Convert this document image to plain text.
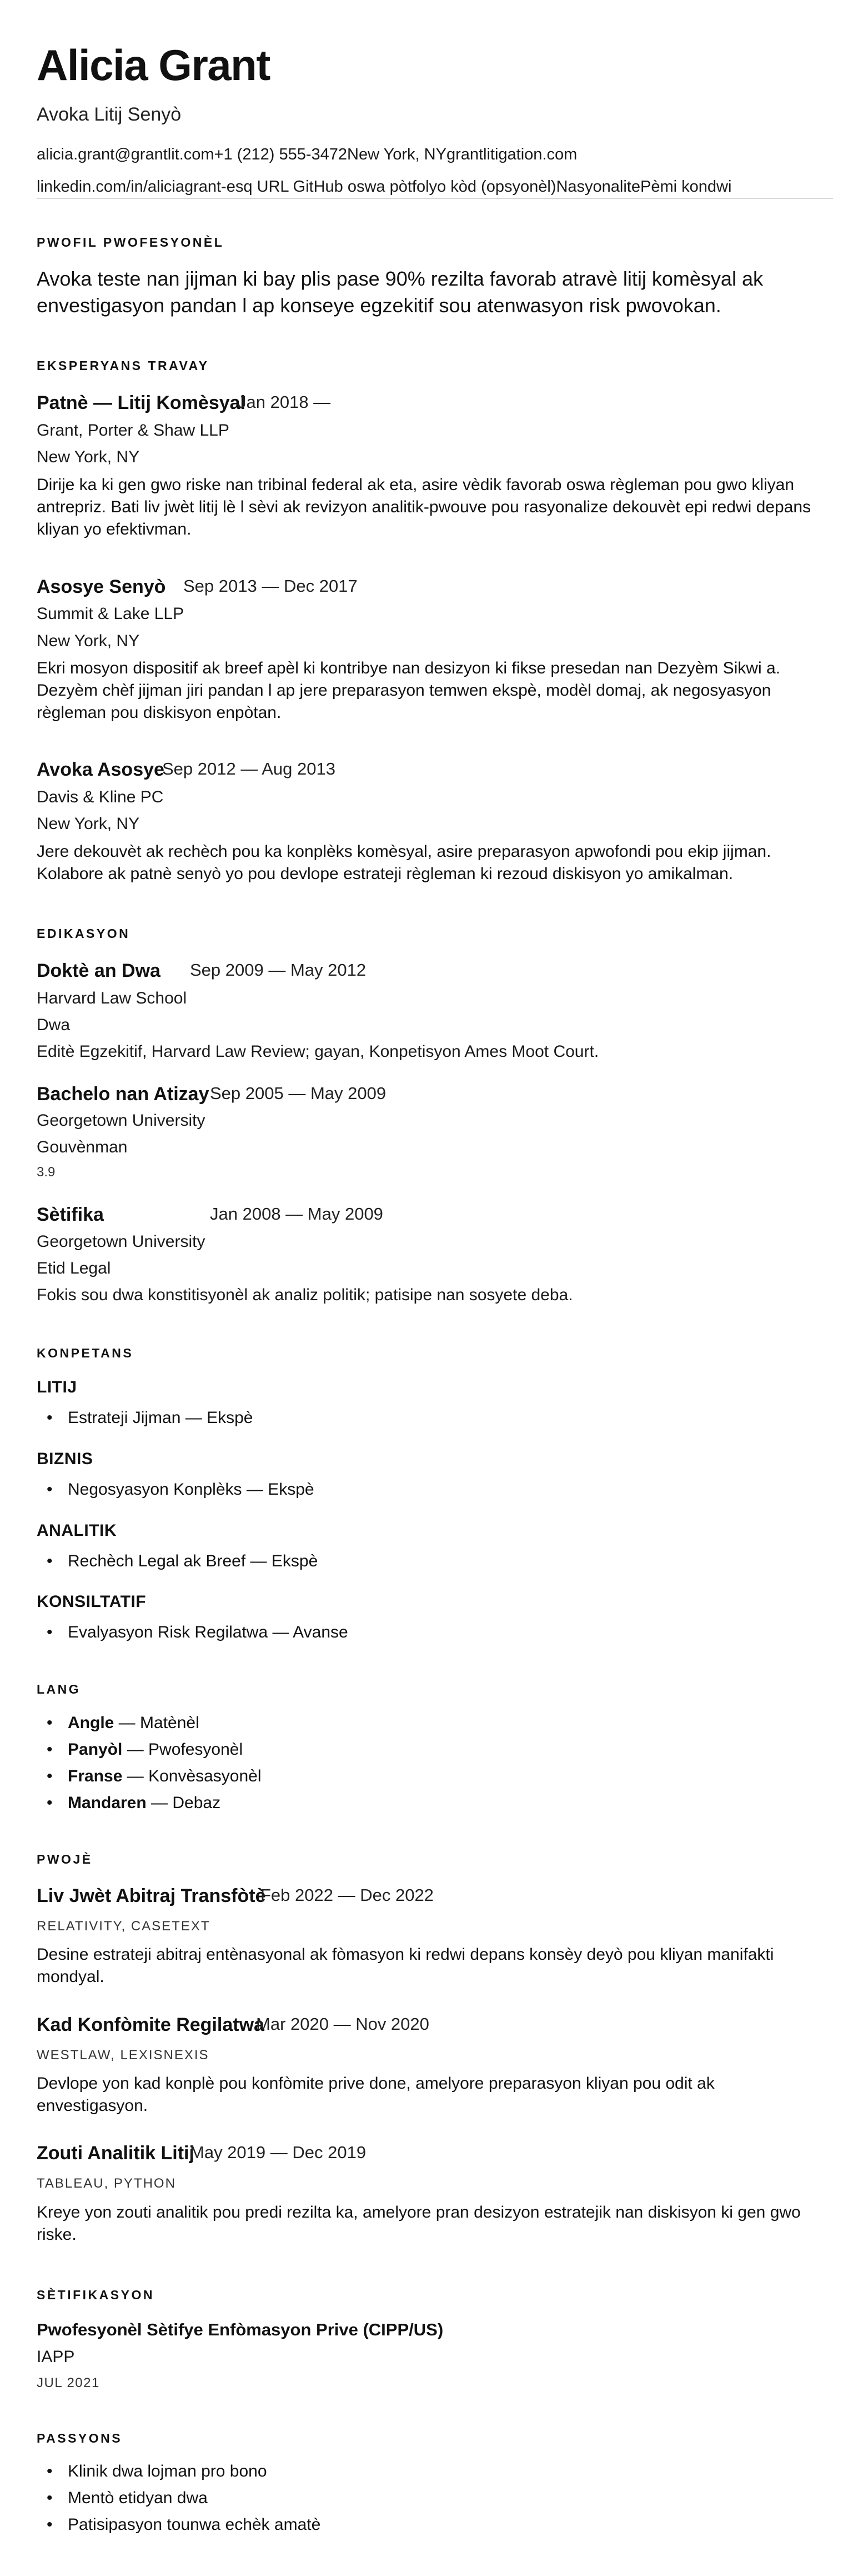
Alicia Grant
Avoka Litij Senyò
alicia.grant@grantlit.com+1 (212) 555-3472New York, NYgrantlitigation.com
linkedin.com/in/aliciagrant-esq URL GitHub oswa pòtfolyo kòd (opsyonèl)NasyonalitePèmi kondwi
PWOFIL PWOFESYONÈL

Avoka teste nan jijman ki bay plis pase 90% rezilta favorab atravè litij komèsyal ak envestigasyon pandan l ap konseye egzekitif sou atenwasyon risk pwovokan.

EKSPERYANS TRAVAY
Patnè — Litij Komèsyal
Jan 2018 —
Grant, Porter & Shaw LLP
New York, NY

Dirije ka ki gen gwo riske nan tribinal federal ak eta, asire vèdik favorab oswa règleman pou gwo kliyan antrepriz. Bati liv jwèt litij lè l sèvi ak revizyon analitik-pwouve pou rasyonalize dekouvèt epi redwi depans kliyan yo efektivman.

Asosye Senyò Sep 2013 — Dec 2017
Summit & Lake LLP
New York, NY

Ekri mosyon dispositif ak breef apèl ki kontribye nan desizyon ki fikse presedan nan Dezyèm Sikwi a. Dezyèm chèf jijman jiri pandan l ap jere preparasyon temwen ekspè, modèl domaj, ak negosyasyon règleman pou diskisyon enpòtan.

Avoka Asosye
Sep 2012 — Aug 2013
Davis & Kline PC
New York, NY

Jere dekouvèt ak rechèch pou ka konplèks komèsyal, asire preparasyon apwofondi pou ekip jijman. Kolabore ak patnè senyò yo pou devlope estrateji règleman ki rezoud diskisyon yo amikalman.

EDIKASYON
Doktè an Dwa Sep 2009 — May 2012
Harvard Law School
Dwa
Editè Egzekitif, Harvard Law Review; gayan, Konpetisyon Ames Moot Court.
Bachelo nan Atizay Sep 2005 — May 2009
Georgetown University
Gouvènman
3.9
Sètifika	Jan 2008 — May 2009
Georgetown University
Etid Legal
Fokis sou dwa konstitisyonèl ak analiz politik; patisipe nan sosyete deba.
KONPETANS
LITIJ
• Estrateji Jijman — Ekspè
BIZNIS
• Negosyasyon Konplèks — Ekspè
ANALITIK
• Rechèch Legal ak Breef — Ekspè
KONSILTATIF
• Evalyasyon Risk Regilatwa — Avanse
LANG
• Angle — Matènèl
• Panyòl — Pwofesyonèl
• Franse — Konvèsasyonèl
• Mandaren — Debaz
PWOJÈ
Liv Jwèt Abitraj Transfòtè
Feb 2022 — Dec 2022
RELATIVITY, CASETEXT

Desine estrateji abitraj entènasyonal ak fòmasyon ki redwi depans konsèy deyò pou kliyan manifakti mondyal.

Kad Konfòmite Regilatwa
Mar 2020 — Nov 2020
WESTLAW, LEXISNEXIS

Devlope yon kad konplè pou konfòmite prive done, amelyore preparasyon kliyan pou odit ak envestigasyon.

Zouti Analitik Litij
May 2019 — Dec 2019
TABLEAU, PYTHON

Kreye yon zouti analitik pou predi rezilta ka, amelyore pran desizyon estratejik nan diskisyon ki gen gwo riske.

SÈTIFIKASYON
Pwofesyonèl Sètifye Enfòmasyon Prive (CIPP/US)
IAPP
JUL 2021
PASSYONS
• Klinik dwa lojman pro bono
• Mentò etidyan dwa
• Patisipasyon tounwa echèk amatè
